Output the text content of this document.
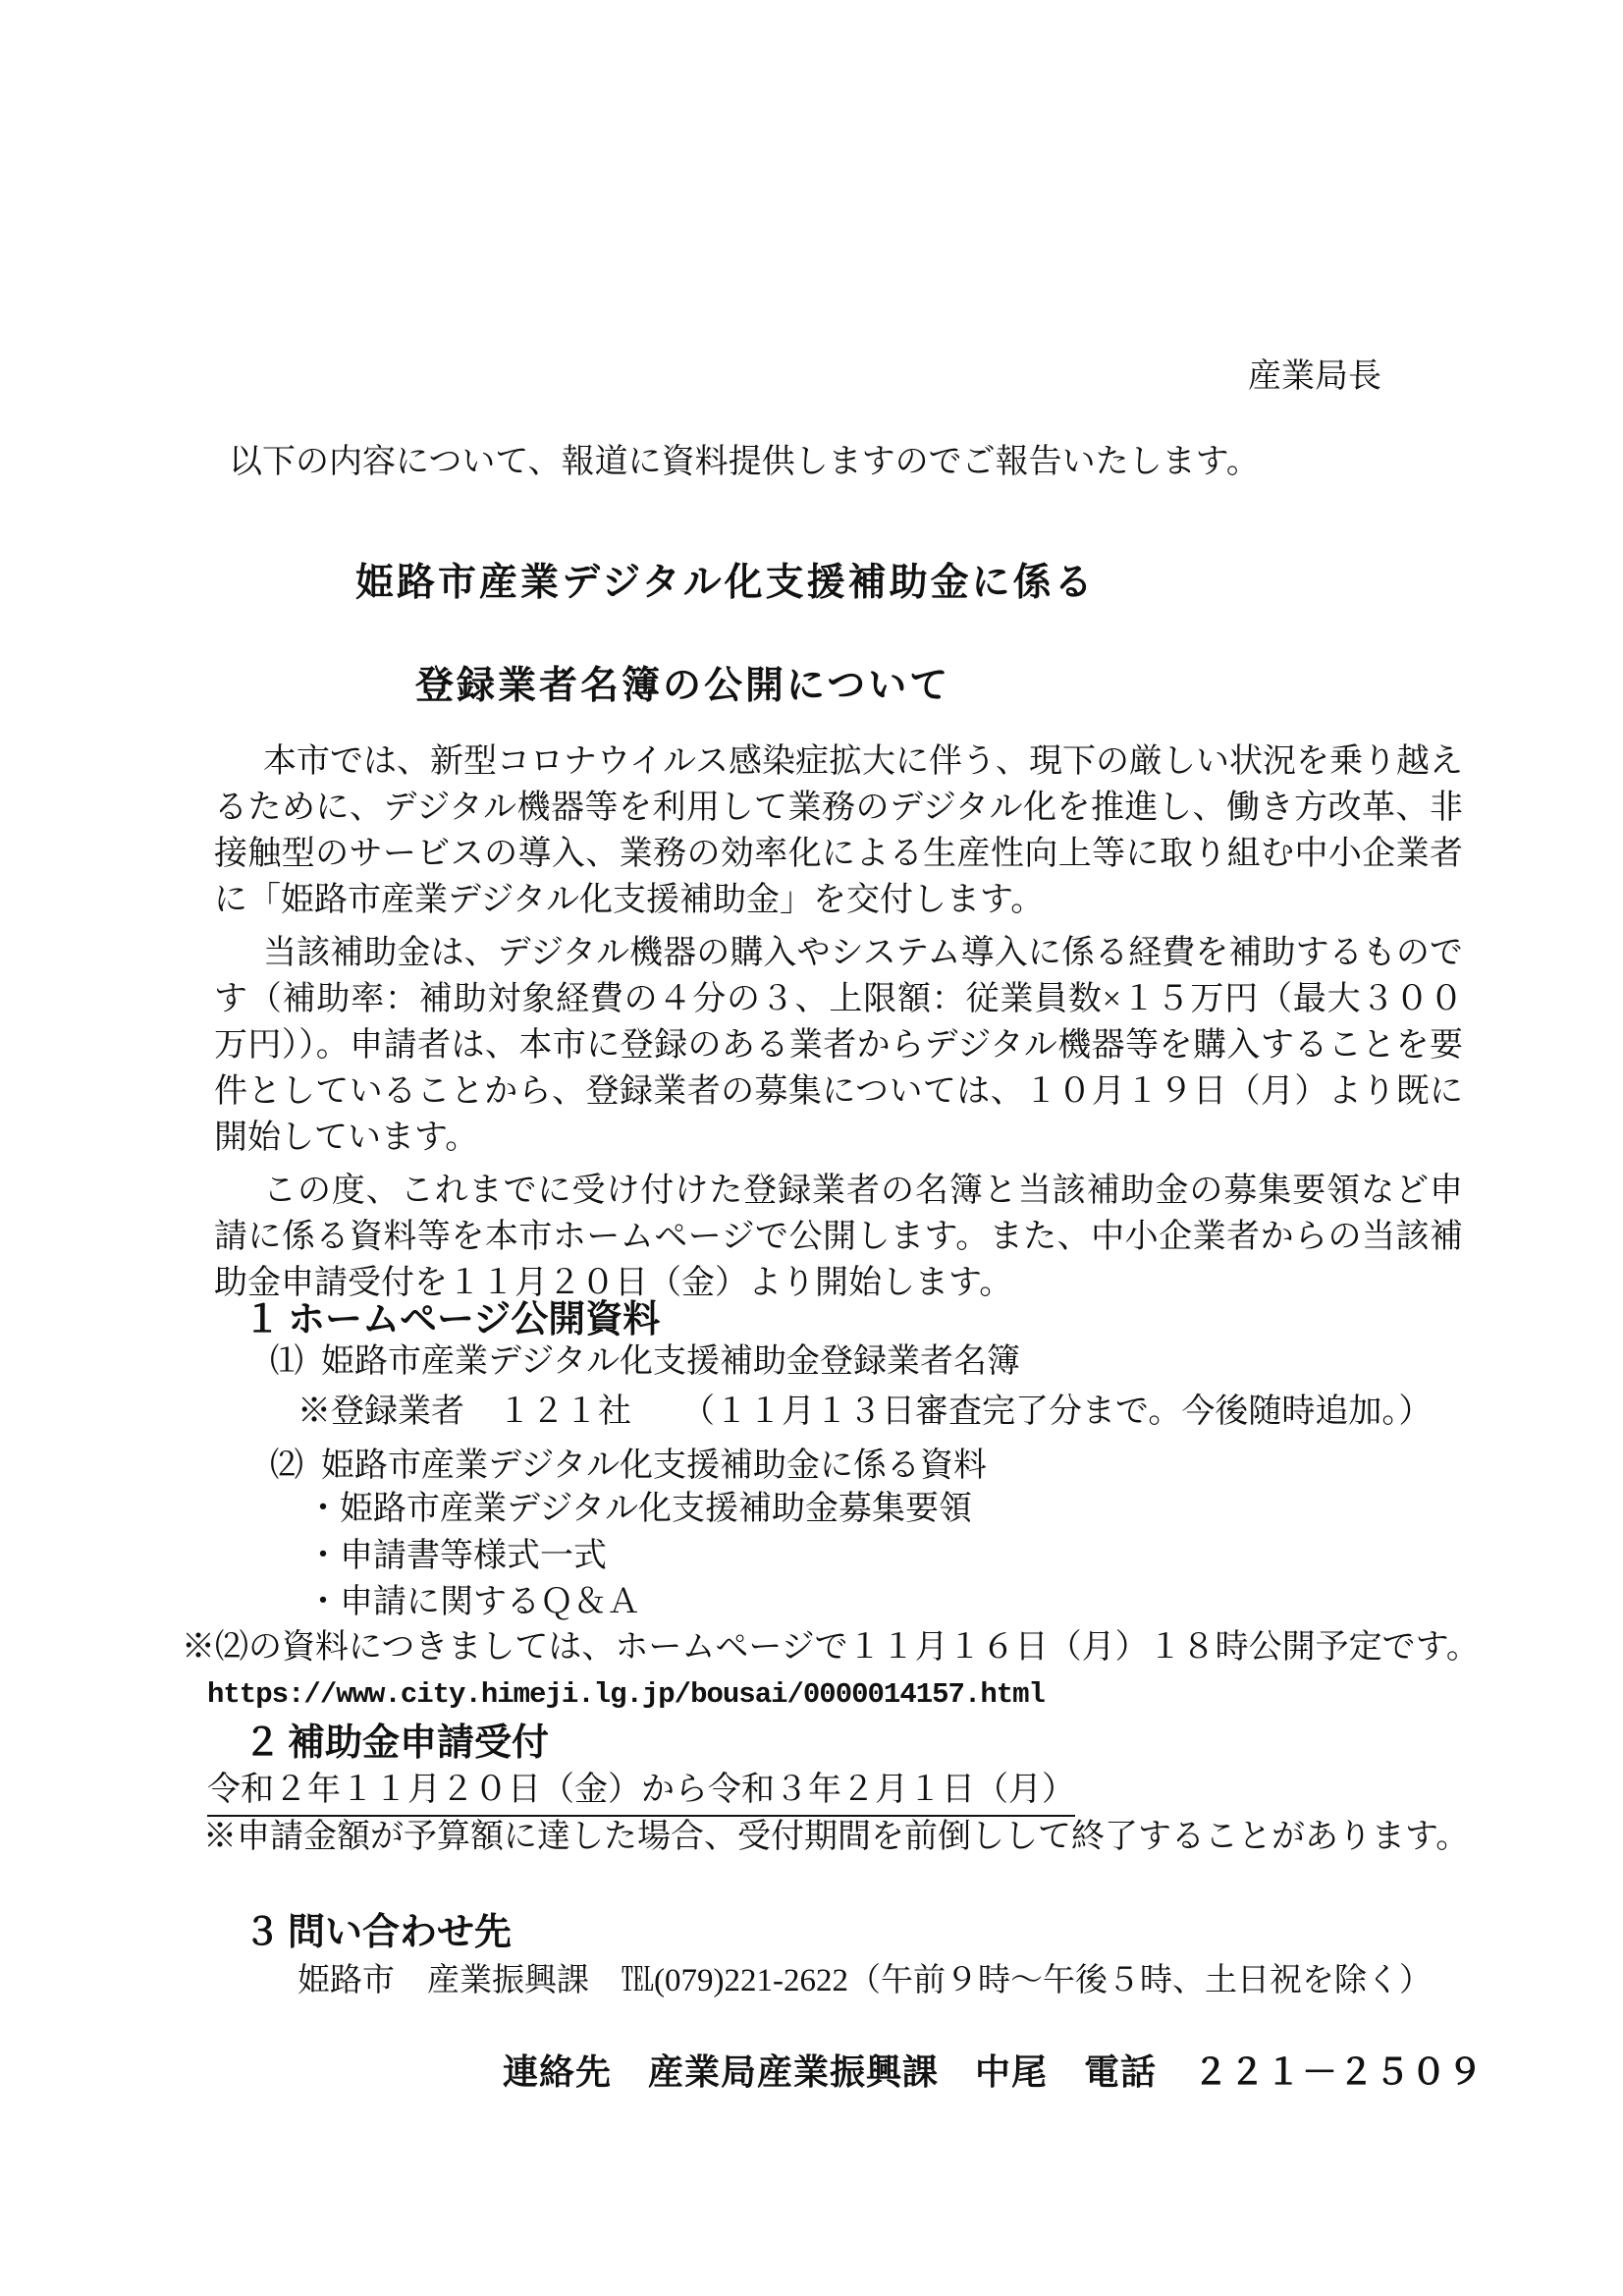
産業局長
以下の内容について、報道に資料提供しますのでご報告いたします。
姫路市産業デジタル化支援補助金に係る
登録業者名簿の公開について

本市では、新型コロナウイルス感染症拡大に伴う、現下の厳しい状況を乗り越えるために、デジタル機器等を利用して業務のデジタル化を推進し、働き方改革、非接触型のサービスの導入、業務の効率化による生産性向上等に取り組む中小企業者に「姫路市産業デジタル化支援補助金」を交付します。

当該補助金は、デジタル機器の購入やシステム導入に係る経費を補助するものです（補助率：補助対象経費の４分の３、上限額：従業員数×１５万円（最大３００万円））。申請者は、本市に登録のある業者からデジタル機器等を購入することを要件としていることから、登録業者の募集については、１０月１９日（月）より既に開始しています。

この度、これまでに受け付けた登録業者の名簿と当該補助金の募集要領など申請に係る資料等を本市ホームページで公開します。また、中小企業者からの当該補助金申請受付を１１月２０日（金）より開始します。

１ ホームページ公開資料
⑴ 姫路市産業デジタル化支援補助金登録業者名簿
※登録業者　１２１社　　（１１月１３日審査完了分まで。今後随時追加。）
⑵ 姫路市産業デジタル化支援補助金に係る資料
・姫路市産業デジタル化支援補助金募集要領
・申請書等様式一式
・申請に関するＱ＆Ａ
※⑵の資料につきましては、ホームページで１１月１６日（月）１８時公開予定です。
https://www.city.himeji.lg.jp/bousai/0000014157.html
２ 補助金申請受付
令和２年１１月２０日（金）から令和３年２月１日（月）
※申請金額が予算額に達した場合、受付期間を前倒しして終了することがあります。
３ 問い合わせ先
姫路市　産業振興課　℡(079)221-2622（午前９時～午後５時、土日祝を除く）
連絡先　産業局産業振興課　中尾　電話　２２１－２５０９
